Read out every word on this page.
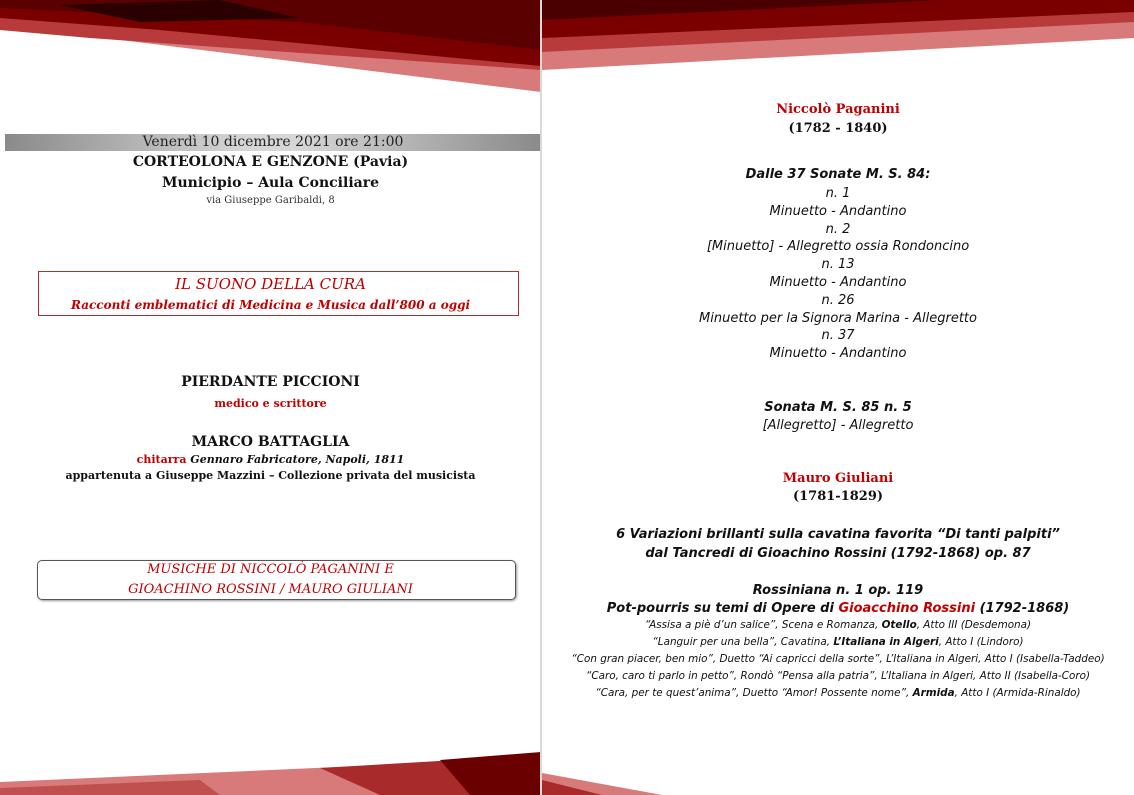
Venerdì 10 dicembre 2021 ore 21:00
CORTEOLONA E GENZONE (Pavia)
Municipio – Aula Conciliare
via Giuseppe Garibaldi, 8
IL SUONO DELLA CURA
Racconti emblematici di Medicina e Musica dall’800 a oggi
PIERDANTE PICCIONI
medico e scrittore
MARCO BATTAGLIA
chitarra Gennaro Fabricatore, Napoli, 1811
appartenuta a Giuseppe Mazzini – Collezione privata del musicista
MUSICHE DI NICCOLÒ PAGANINI E
GIOACHINO ROSSINI / MAURO GIULIANI
Niccolò Paganini
(1782 - 1840)
Dalle 37 Sonate M. S. 84:
n. 1
Minuetto - Andantino
n. 2
[Minuetto] - Allegretto ossia Rondoncino
n. 13
Minuetto - Andantino
n. 26
Minuetto per la Signora Marina - Allegretto
n. 37
Minuetto - Andantino
Sonata M. S. 85 n. 5
[Allegretto] - Allegretto
Mauro Giuliani
(1781-1829)
6 Variazioni brillanti sulla cavatina favorita “Di tanti palpiti”
dal Tancredi di Gioachino Rossini (1792-1868) op. 87
Rossiniana n. 1 op. 119
Pot-pourris su temi di Opere di Gioacchino Rossini (1792-1868)
“Assisa a piè d’un salice”, Scena e Romanza, Otello, Atto III (Desdemona)
“Languir per una bella”, Cavatina, L’Italiana in Algeri, Atto I (Lindoro)
“Con gran piacer, ben mio”, Duetto “Ai capricci della sorte”, L’Italiana in Algeri, Atto I (Isabella-Taddeo)
“Caro, caro ti parlo in petto”, Rondò “Pensa alla patria”, L’Italiana in Algeri, Atto II (Isabella-Coro)
“Cara, per te quest’anima”, Duetto “Amor! Possente nome”, Armida, Atto I (Armida-Rinaldo)
